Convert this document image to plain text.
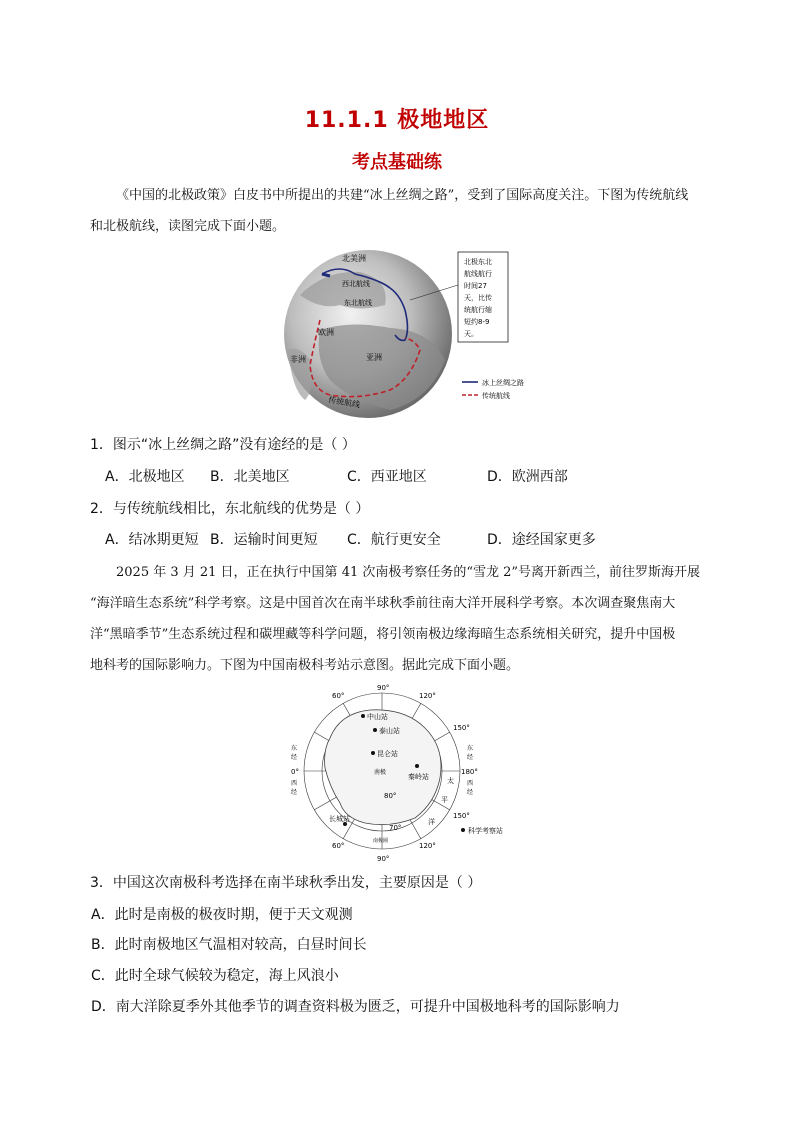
11.1.1 极地地区
考点基础练
《中国的北极政策》白皮书中所提出的共建“冰上丝绸之路”，受到了国际高度关注。下图为传统航线
和北极航线，读图完成下面小题。
北美洲
西北航线
东北航线
欧洲
非洲	亚洲
传统航线
北极东北
航线航行
时间27
天，比传
统航行缩
短约8-9
天。
冰上丝绸之路
传统航线
1．图示“冰上丝绸之路”没有途经的是（ ）
A．北极地区 B．北美地区	C．西亚地区	D．欧洲西部
2．与传统航线相比，东北航线的优势是（ ）
A．结冰期更短 B．运输时间更短 C．航行更安全	D．途经国家更多
2025 年 3 月 21 日，正在执行中国第 41 次南极考察任务的“雪龙 2”号离开新西兰，前往罗斯海开展
“海洋暗生态系统”科学考察。这是中国首次在南半球秋季前往南大洋开展科学考察。本次调查聚焦南大
洋“黑暗季节”生态系统过程和碳埋藏等科学问题，将引领南极边缘海暗生态系统相关研究，提升中国极
地科考的国际影响力。下图为中国南极科考站示意图。据此完成下面小题。
90°
60°	120°
150°
180°
0°
150°
120°
60°
90°
80°
70°
东
经
西
经
东
经
西
经
太
平
洋
中山站
泰山站
昆仑站
秦岭站
长城站
南极
南极圈
科学考察站
3．中国这次南极科考选择在南半球秋季出发，主要原因是（ ）
A．此时是南极的极夜时期，便于天文观测
B．此时南极地区气温相对较高，白昼时间长
C．此时全球气候较为稳定，海上风浪小
D．南大洋除夏季外其他季节的调查资料极为匮乏，可提升中国极地科考的国际影响力
